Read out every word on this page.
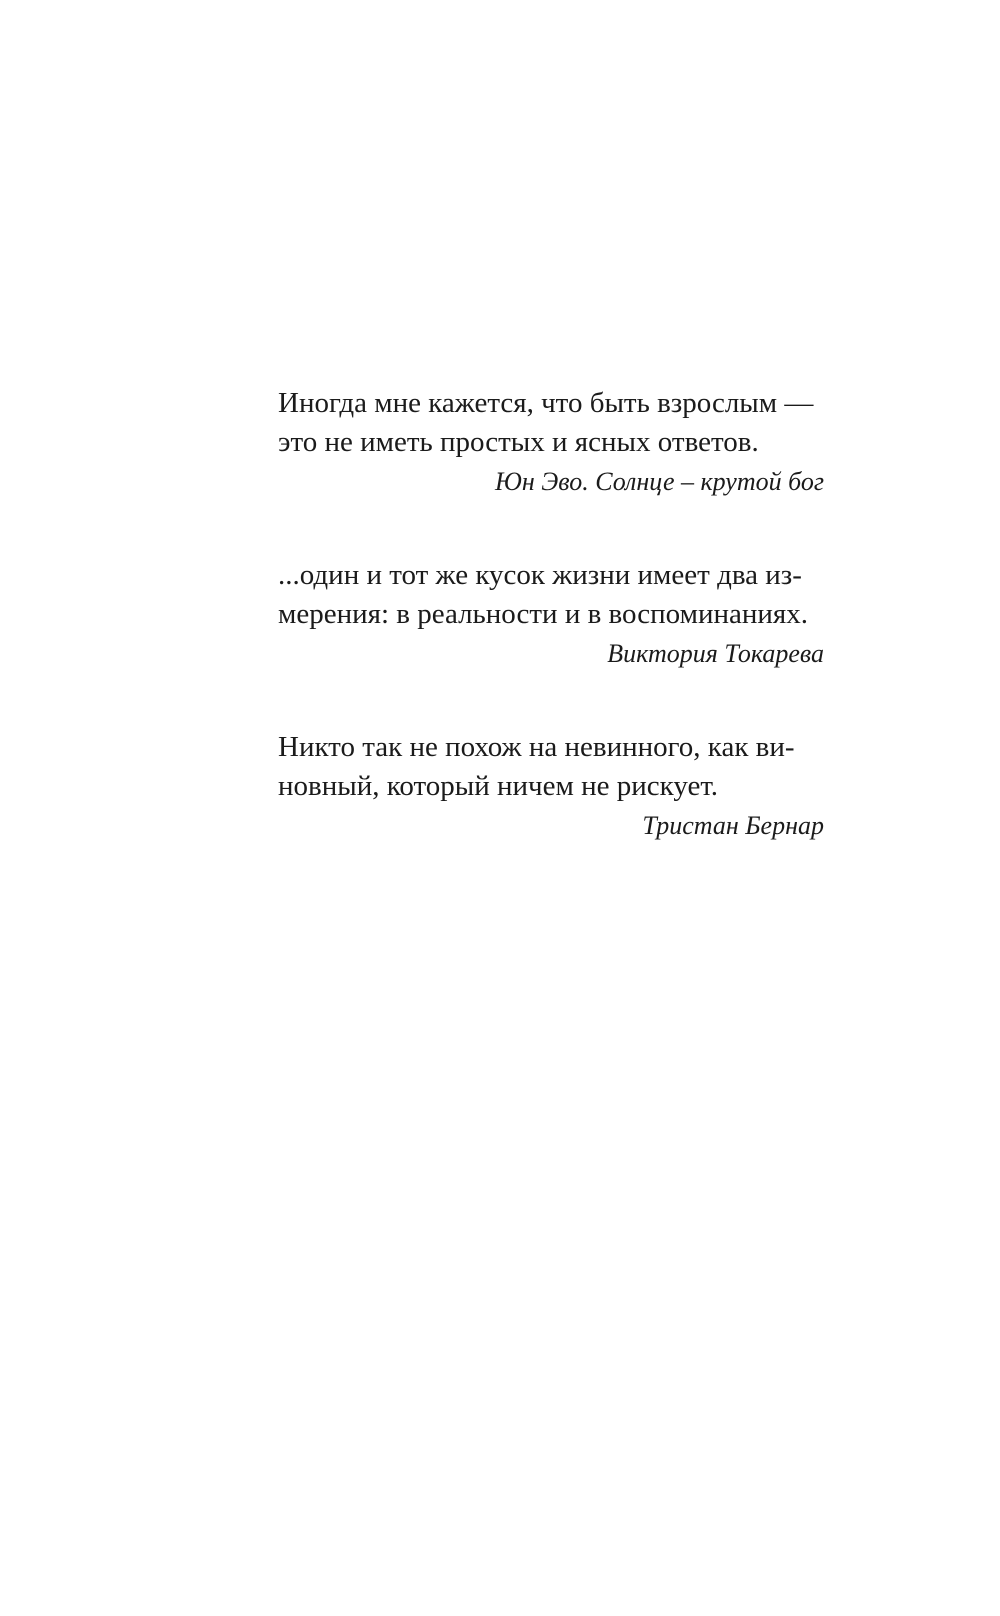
Иногда мне кажется, что быть взрослым —
это не иметь простых и ясных ответов.
Юн Эво. Солнце – крутой бог
...один и тот же кусок жизни имеет два из-
мерения: в реальности и в воспоминаниях.
Виктория Токарева
Никто так не похож на невинного, как ви-
новный, который ничем не рискует.
Тристан Бернар
